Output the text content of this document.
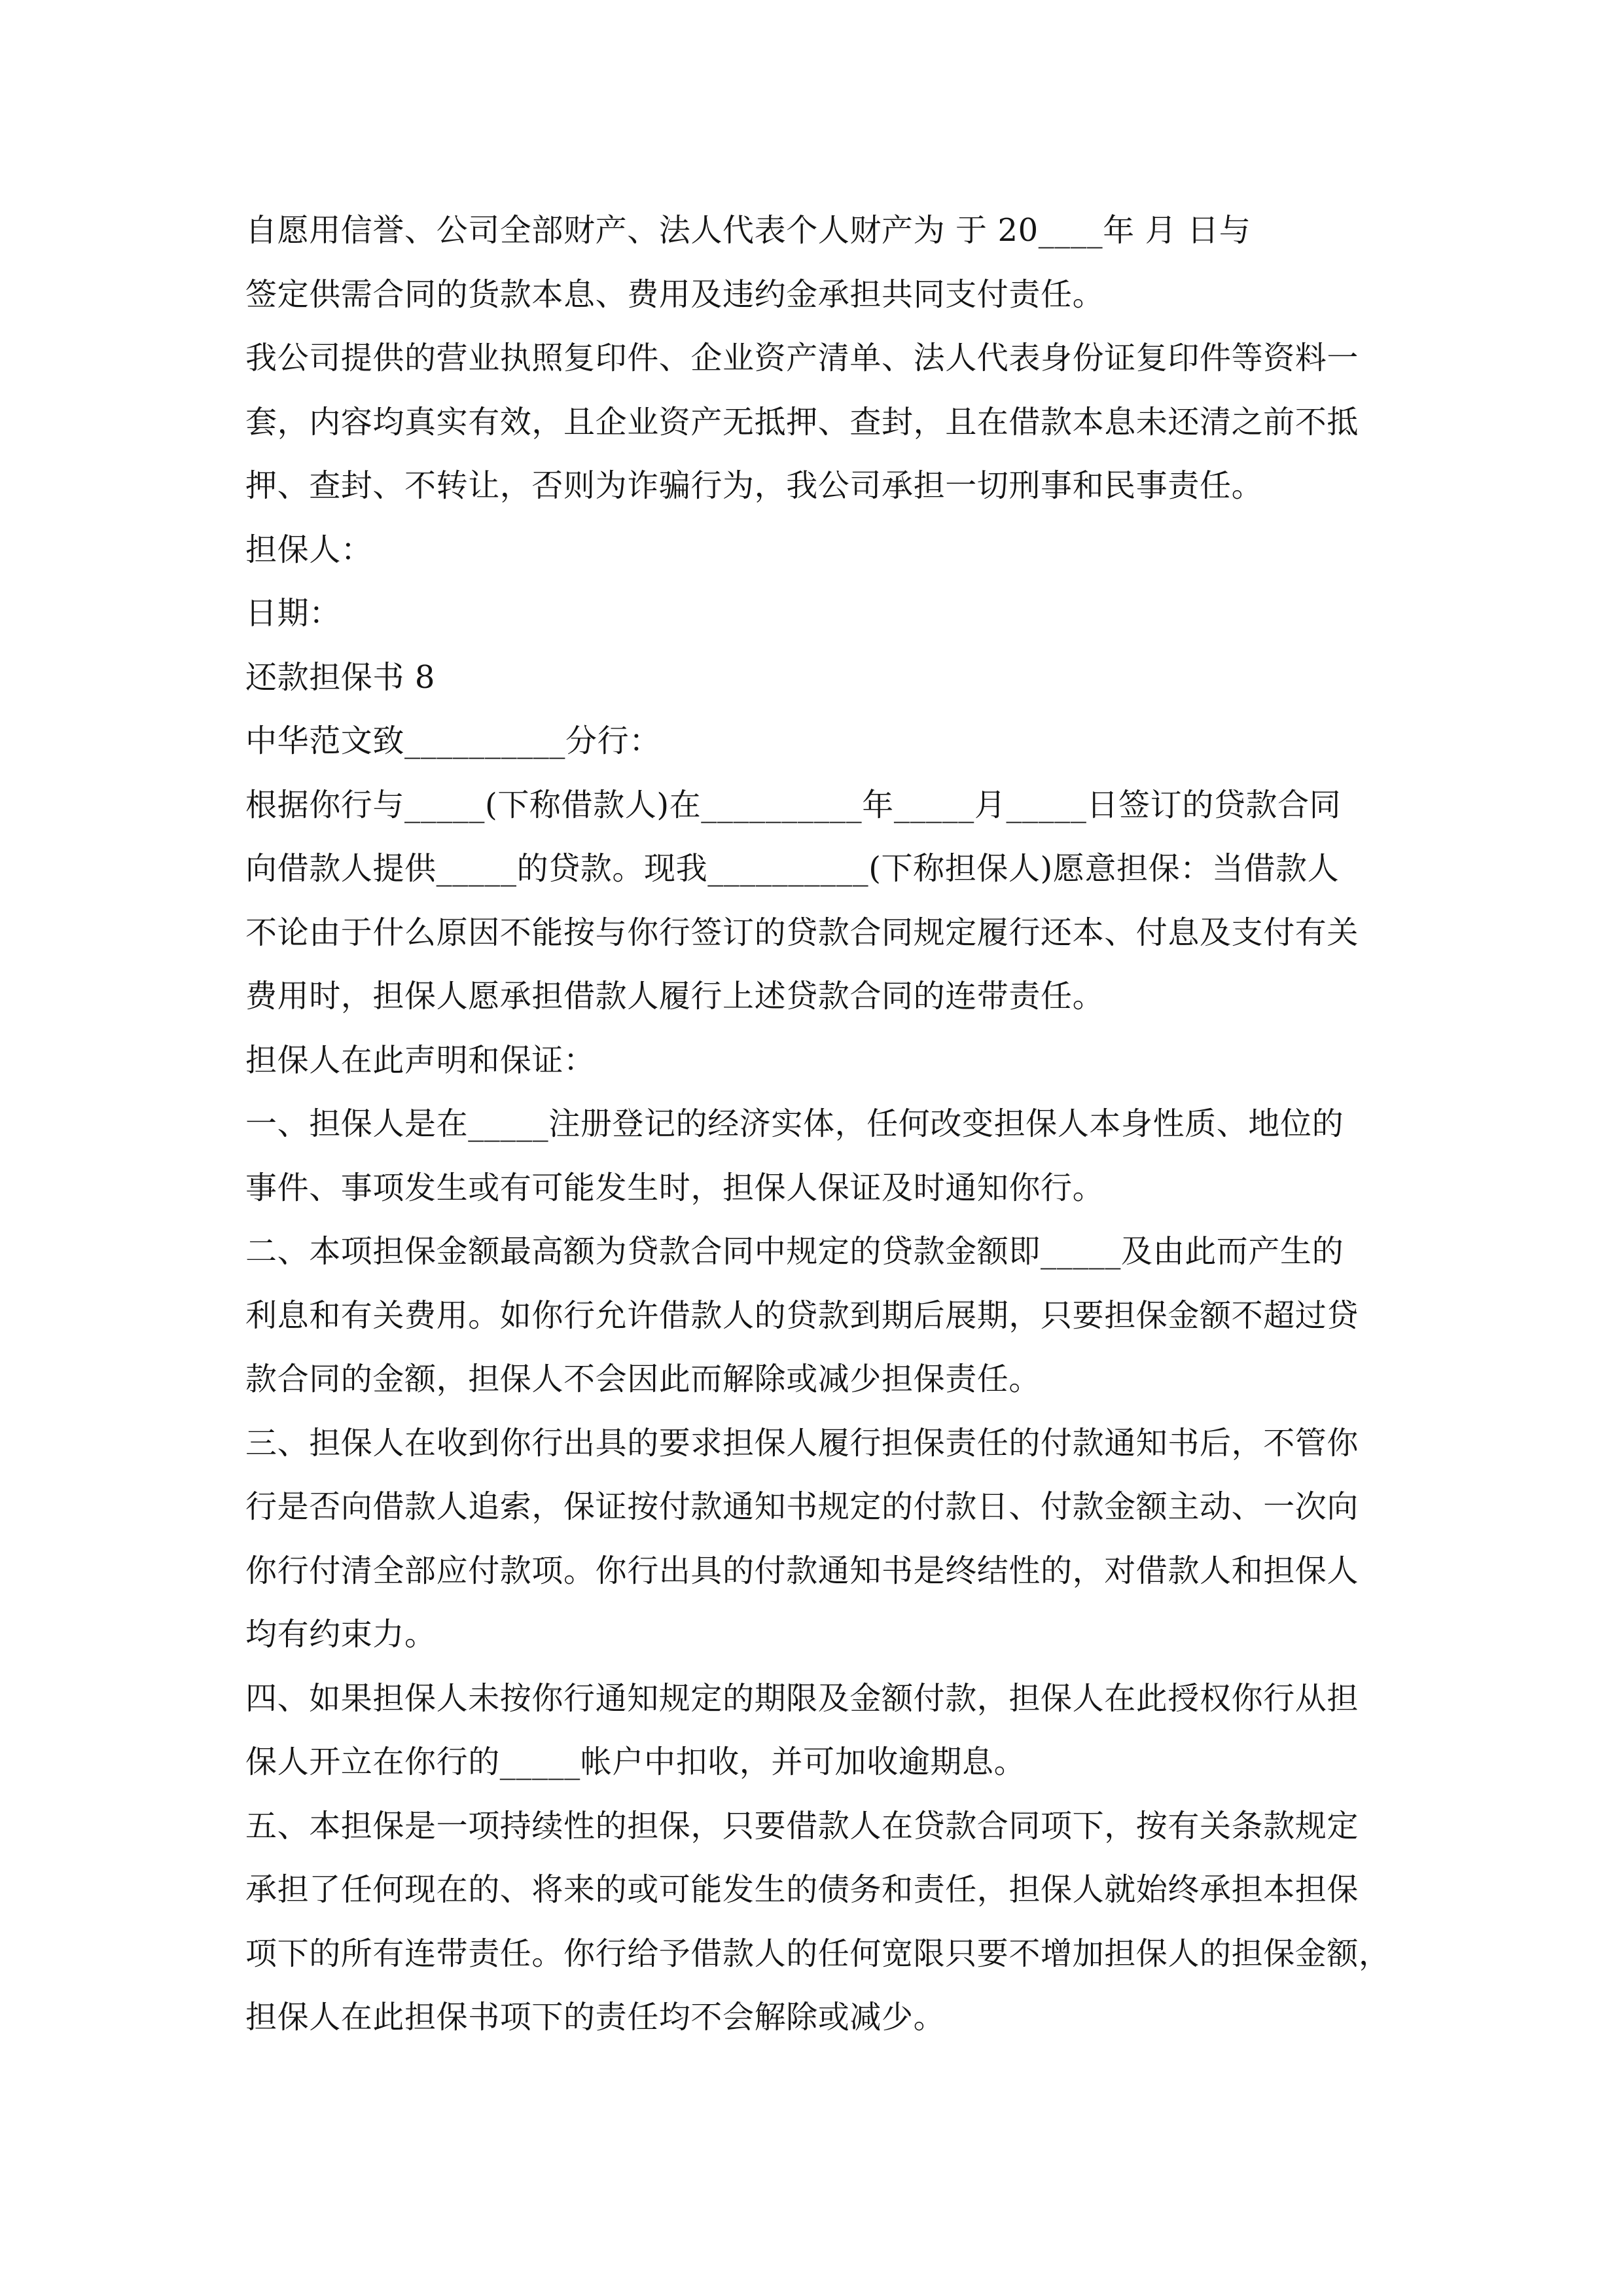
自愿用信誉、公司全部财产、法人代表个人财产为 于 20____年 月 日与
签定供需合同的货款本息、费用及违约金承担共同支付责任。
我公司提供的营业执照复印件、企业资产清单、法人代表身份证复印件等资料一
套，内容均真实有效，且企业资产无抵押、查封，且在借款本息未还清之前不抵
押、查封、不转让，否则为诈骗行为，我公司承担一切刑事和民事责任。
担保人：
日期：
还款担保书 8
中华范文致__________分行：
根据你行与_____(下称借款人)在__________年_____月_____日签订的贷款合同
向借款人提供_____的贷款。现我__________(下称担保人)愿意担保：当借款人
不论由于什么原因不能按与你行签订的贷款合同规定履行还本、付息及支付有关
费用时，担保人愿承担借款人履行上述贷款合同的连带责任。
担保人在此声明和保证：
一、担保人是在_____注册登记的经济实体，任何改变担保人本身性质、地位的
事件、事项发生或有可能发生时，担保人保证及时通知你行。
二、本项担保金额最高额为贷款合同中规定的贷款金额即_____及由此而产生的
利息和有关费用。如你行允许借款人的贷款到期后展期，只要担保金额不超过贷
款合同的金额，担保人不会因此而解除或减少担保责任。
三、担保人在收到你行出具的要求担保人履行担保责任的付款通知书后，不管你
行是否向借款人追索，保证按付款通知书规定的付款日、付款金额主动、一次向
你行付清全部应付款项。你行出具的付款通知书是终结性的，对借款人和担保人
均有约束力。
四、如果担保人未按你行通知规定的期限及金额付款，担保人在此授权你行从担
保人开立在你行的_____帐户中扣收，并可加收逾期息。
五、本担保是一项持续性的担保，只要借款人在贷款合同项下，按有关条款规定
承担了任何现在的、将来的或可能发生的债务和责任，担保人就始终承担本担保
项下的所有连带责任。你行给予借款人的任何宽限只要不增加担保人的担保金额，
担保人在此担保书项下的责任均不会解除或减少。
